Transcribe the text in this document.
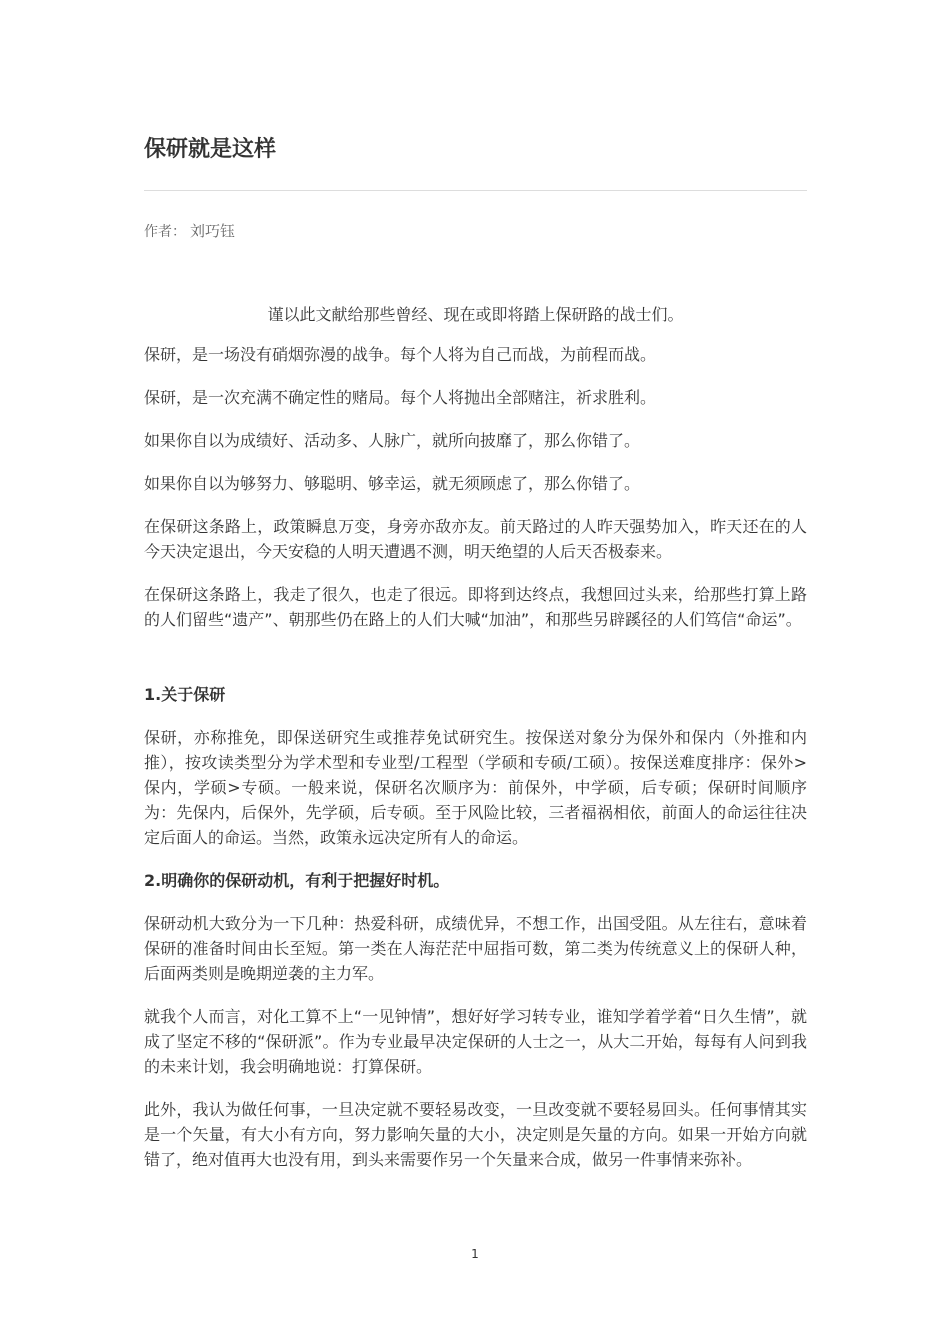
保研就是这样
作者： 刘巧钰

谨以此文献给那些曾经、现在或即将踏上保研路的战士们。

保研，是一场没有硝烟弥漫的战争。每个人将为自己而战，为前程而战。

保研，是一次充满不确定性的赌局。每个人将抛出全部赌注，祈求胜利。

如果你自以为成绩好、活动多、人脉广，就所向披靡了，那么你错了。

如果你自以为够努力、够聪明、够幸运，就无须顾虑了，那么你错了。

在保研这条路上，政策瞬息万变，身旁亦敌亦友。前天路过的人昨天强势加入，昨天还在的人今天决定退出，今天安稳的人明天遭遇不测，明天绝望的人后天否极泰来。

在保研这条路上，我走了很久，也走了很远。即将到达终点，我想回过头来，给那些打算上路的人们留些“遗产”、朝那些仍在路上的人们大喊“加油”，和那些另辟蹊径的人们笃信“命运”。

1.关于保研

保研，亦称推免，即保送研究生或推荐免试研究生。按保送对象分为保外和保内（外推和内推），按攻读类型分为学术型和专业型/工程型（学硕和专硕/工硕）。按保送难度排序：保外>保内，学硕>专硕。一般来说，保研名次顺序为：前保外，中学硕，后专硕；保研时间顺序为：先保内，后保外，先学硕，后专硕。至于风险比较，三者福祸相依，前面人的命运往往决定后面人的命运。当然，政策永远决定所有人的命运。

2.明确你的保研动机，有利于把握好时机。

保研动机大致分为一下几种：热爱科研，成绩优异，不想工作，出国受阻。从左往右，意味着保研的准备时间由长至短。第一类在人海茫茫中屈指可数，第二类为传统意义上的保研人种，后面两类则是晚期逆袭的主力军。

就我个人而言，对化工算不上“一见钟情”，想好好学习转专业，谁知学着学着“日久生情”，就成了坚定不移的“保研派”。作为专业最早决定保研的人士之一，从大二开始，每每有人问到我的未来计划，我会明确地说：打算保研。

此外，我认为做任何事，一旦决定就不要轻易改变，一旦改变就不要轻易回头。任何事情其实是一个矢量，有大小有方向，努力影响矢量的大小，决定则是矢量的方向。如果一开始方向就错了，绝对值再大也没有用，到头来需要作另一个矢量来合成，做另一件事情来弥补。

1
